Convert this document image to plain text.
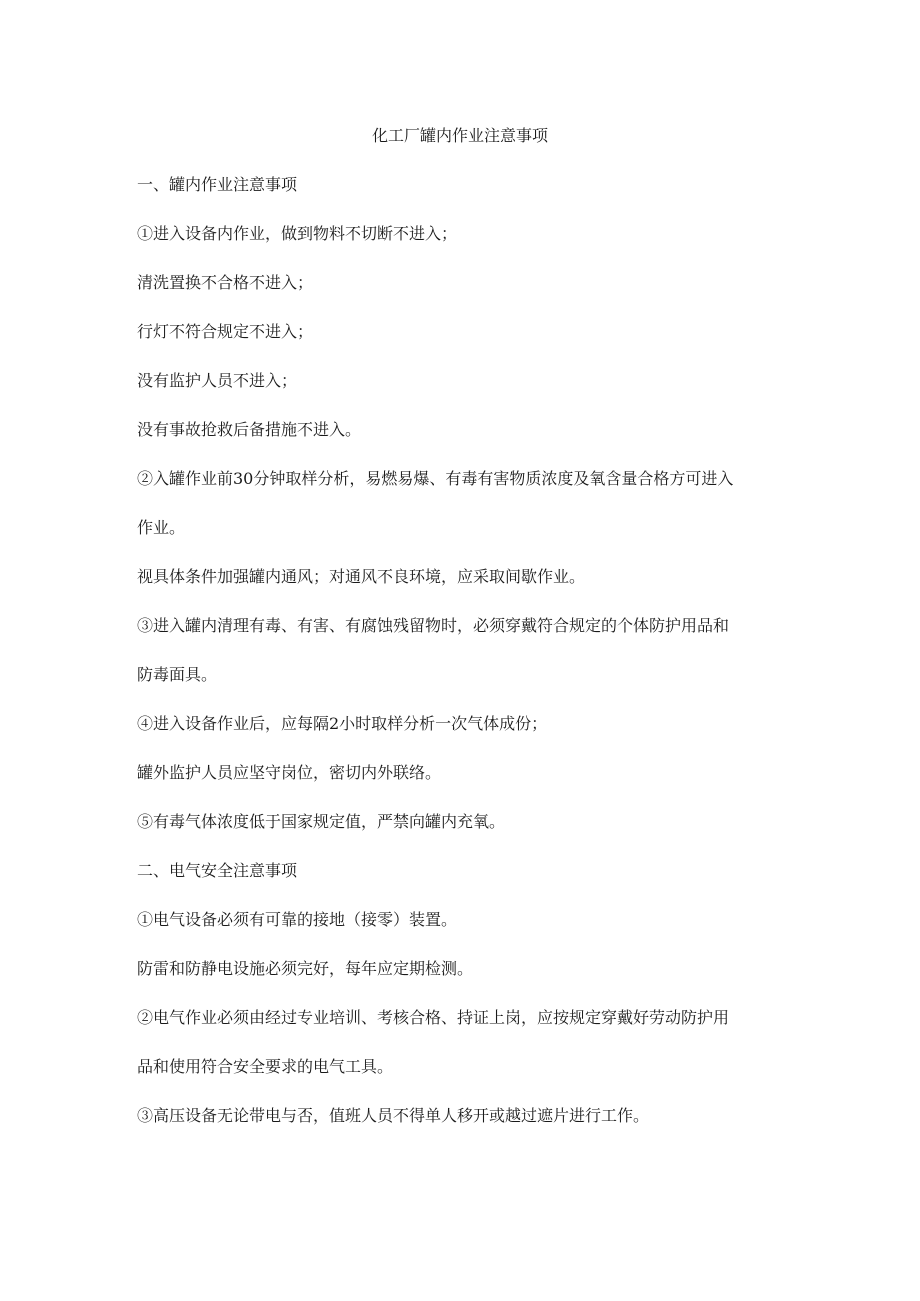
化工厂罐内作业注意事项
一、罐内作业注意事项
①进入设备内作业，做到物料不切断不进入；
清洗置换不合格不进入；
行灯不符合规定不进入；
没有监护人员不进入；
没有事故抢救后备措施不进入。
②入罐作业前30分钟取样分析，易燃易爆、有毒有害物质浓度及氧含量合格方可进入
作业。
视具体条件加强罐内通风；对通风不良环境，应采取间歇作业。
③进入罐内清理有毒、有害、有腐蚀残留物时，必须穿戴符合规定的个体防护用品和
防毒面具。
④进入设备作业后，应每隔2小时取样分析一次气体成份；
罐外监护人员应坚守岗位，密切内外联络。
⑤有毒气体浓度低于国家规定值，严禁向罐内充氧。
二、电气安全注意事项
①电气设备必须有可靠的接地（接零）装置。
防雷和防静电设施必须完好，每年应定期检测。
②电气作业必须由经过专业培训、考核合格、持证上岗，应按规定穿戴好劳动防护用
品和使用符合安全要求的电气工具。
③高压设备无论带电与否，值班人员不得单人移开或越过遮片进行工作。
